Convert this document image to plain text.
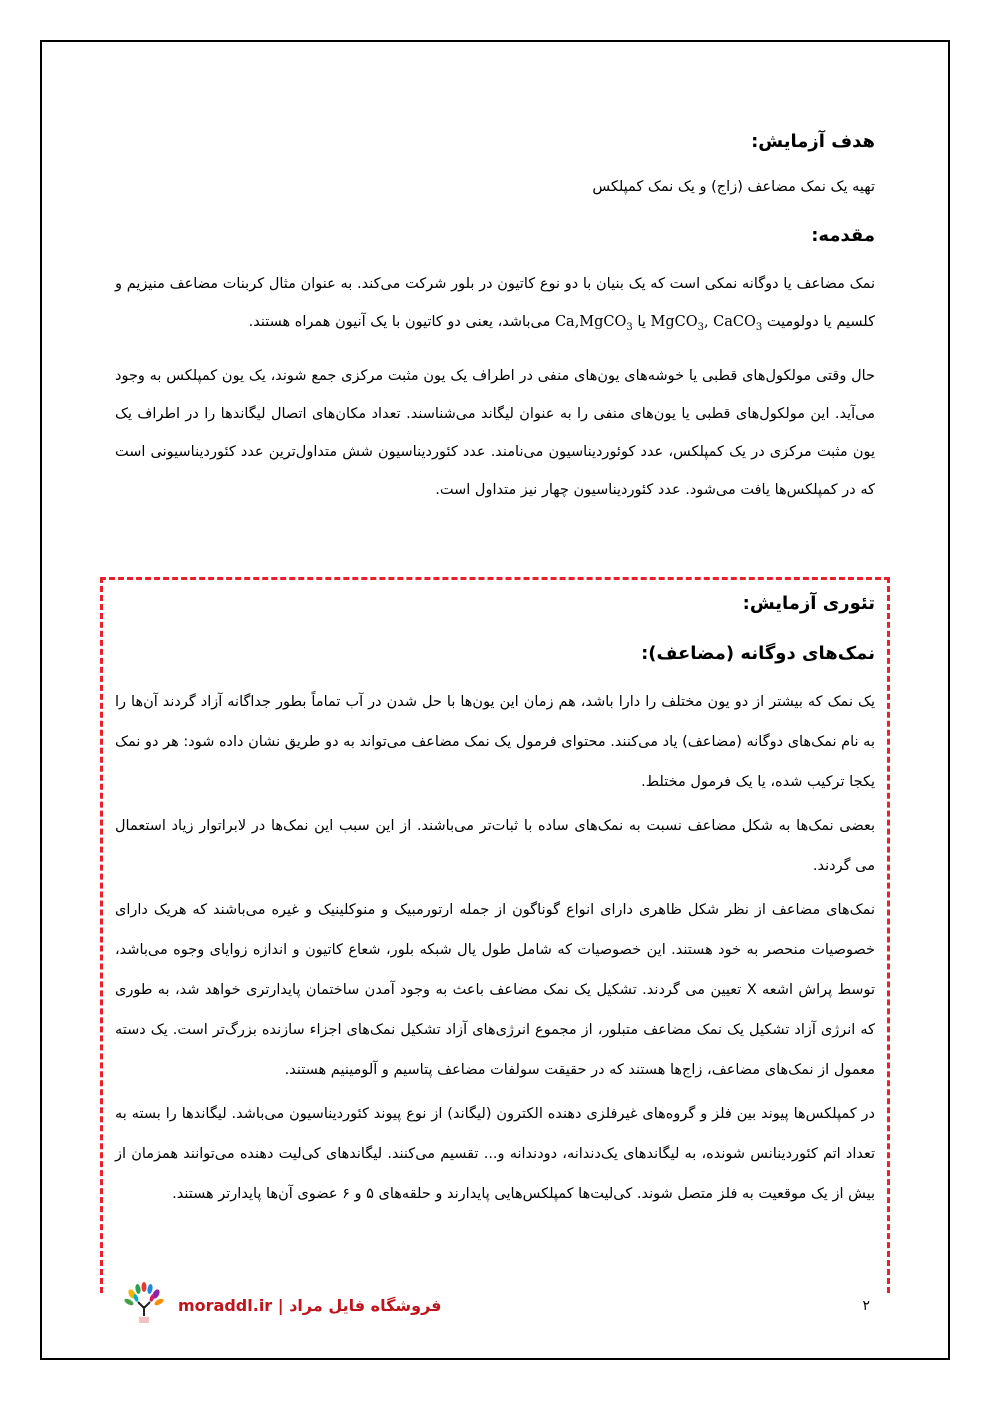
هدف آزمایش:

تهیه یک نمک مضاعف (زاج) و یک نمک کمپلکس

مقدمه:

نمک مضاعف یا دوگانه نمکی است که یک بنیان با دو نوع کاتیون در بلور شرکت می‌کند. به عنوان مثال کربنات مضاعف منیزیم و کلسیم یا دولومیت MgCO$_3$, CaCO$_3$ یا Ca,MgCO$_3$ می‌باشد، یعنی دو کاتیون با یک آنیون همراه هستند.

حال وقتی مولکول‌های قطبی یا خوشه‌های یون‌های منفی در اطراف یک یون مثبت مرکزی جمع شوند، یک یون کمپلکس به وجود می‌آید. این مولکول‌های قطبی یا یون‌های منفی را به عنوان لیگاند می‌شناسند. تعداد مکان‌های اتصال لیگاندها را در اطراف یک یون مثبت مرکزی در یک کمپلکس، عدد کوئوردیناسیون می‌نامند. عدد کئوردیناسیون شش متداول‌ترین عدد کئوردیناسیونی است که در کمپلکس‌ها یافت می‌شود. عدد کئوردیناسیون چهار نیز متداول است.

تئوری آزمایش:
نمک‌های دوگانه (مضاعف):

یک نمک که بیشتر از دو یون مختلف را دارا باشد، هم زمان این یون‌ها با حل شدن در آب تماماً بطور جداگانه آزاد گردند آن‌ها را به نام نمک‌های دوگانه (مضاعف) یاد می‌کنند. محتوای فرمول یک نمک مضاعف می‌تواند به دو طریق نشان داده شود: هر دو نمک یکجا ترکیب شده، یا یک فرمول مختلط.

بعضی نمک‌ها به شکل مضاعف نسبت به نمک‌های ساده با ثبات‌تر می‌باشند. از این سبب این نمک‌ها در لابراتوار زیاد استعمال می گردند.

نمک‌های مضاعف از نظر شکل ظاهری دارای انواع گوناگون از جمله ارتورمبیک و منوکلینیک و غیره می‌باشند که هریک دارای خصوصیات منحصر به خود هستند. این خصوصیات که شامل طول یال شبکه بلور، شعاع کاتیون و اندازه زوایای وجوه می‌باشد، توسط پراش اشعه X تعیین می گردند. تشکیل یک نمک مضاعف باعث به وجود آمدن ساختمان پایدارتری خواهد شد، به طوری که انرژی آزاد تشکیل یک نمک مضاعف متبلور، از مجموع انرژی‌های آزاد تشکیل نمک‌های اجزاء سازنده بزرگ‌تر است. یک دسته معمول از نمک‌های مضاعف، زاج‌ها هستند که در حقیقت سولفات مضاعف پتاسیم و آلومینیم هستند.

در کمپلکس‌ها پیوند بین فلز و گروه‌های غیرفلزی دهنده الکترون (لیگاند) از نوع پیوند کئوردیناسیون می‌باشد. لیگاندها را بسته به تعداد اتم کئوردینانس شونده، به لیگاندهای یک‌دندانه، دودندانه و... تقسیم می‌کنند. لیگاندهای کی‌لیت دهنده می‌توانند همزمان از بیش از یک موقعیت به فلز متصل شوند. کی‌لیت‌ها کمپلکس‌هایی پایدارند و حلقه‌های ۵ و ۶ عضوی آن‌ها پایدارتر هستند.

moraddl.ir | فروشگاه فایل مراد	۲
